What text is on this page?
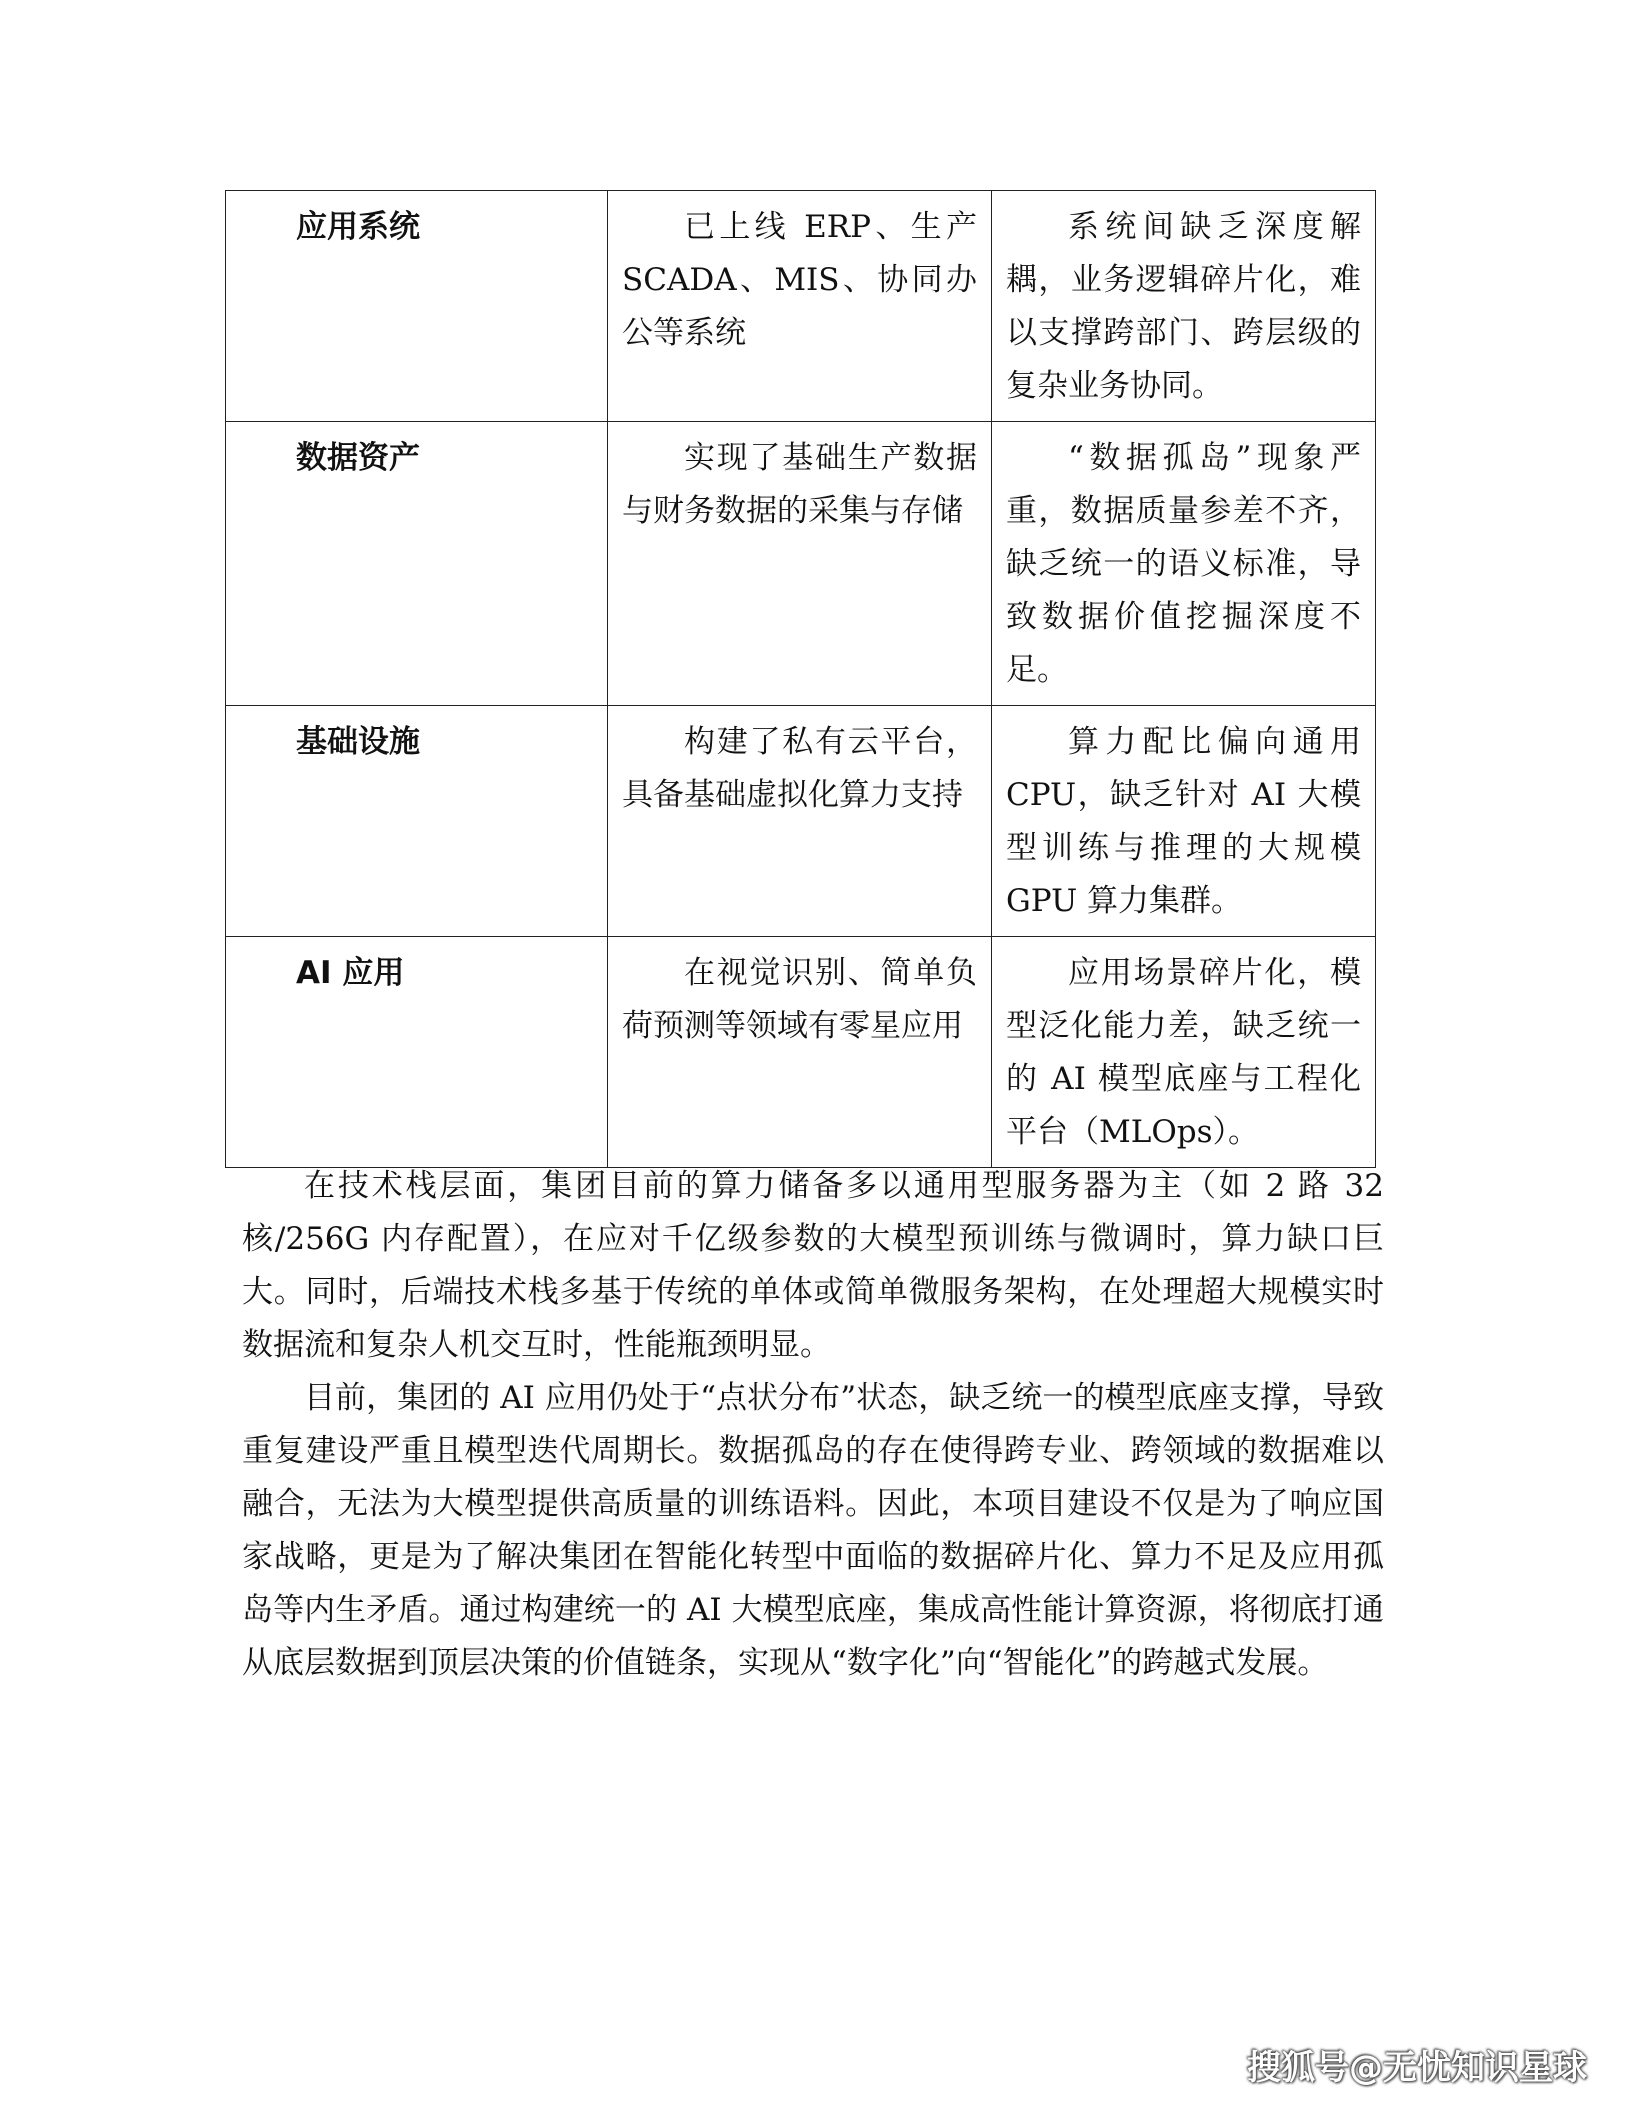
应用系统	已上线 ERP、生产SCADA、MIS、协同办公等系统	系统间缺乏深度解耦，业务逻辑碎片化，难以支撑跨部门、跨层级的复杂业务协同。
数据资产	实现了基础生产数据与财务数据的采集与存储	“数据孤岛”现象严重，数据质量参差不齐，缺乏统一的语义标准，导致数据价值挖掘深度不足。
基础设施	构建了私有云平台，具备基础虚拟化算力支持	算力配比偏向通用 CPU，缺乏针对 AI 大模型训练与推理的大规模 GPU 算力集群。
AI 应用	在视觉识别、简单负荷预测等领域有零星应用	应用场景碎片化，模型泛化能力差，缺乏统一的 AI 模型底座与工程化平台（MLOps）。

在技术栈层面，集团目前的算力储备多以通用型服务器为主（如 2 路 32 核/256G 内存配置），在应对千亿级参数的大模型预训练与微调时，算力缺口巨大。同时，后端技术栈多基于传统的单体或简单微服务架构，在处理超大规模实时数据流和复杂人机交互时，性能瓶颈明显。

目前，集团的 AI 应用仍处于“点状分布”状态，缺乏统一的模型底座支撑，导致重复建设严重且模型迭代周期长。数据孤岛的存在使得跨专业、跨领域的数据难以融合，无法为大模型提供高质量的训练语料。因此，本项目建设不仅是为了响应国家战略，更是为了解决集团在智能化转型中面临的数据碎片化、算力不足及应用孤岛等内生矛盾。通过构建统一的 AI 大模型底座，集成高性能计算资源，将彻底打通从底层数据到顶层决策的价值链条，实现从“数字化”向“智能化”的跨越式发展。

搜狐号@无忧知识星球
